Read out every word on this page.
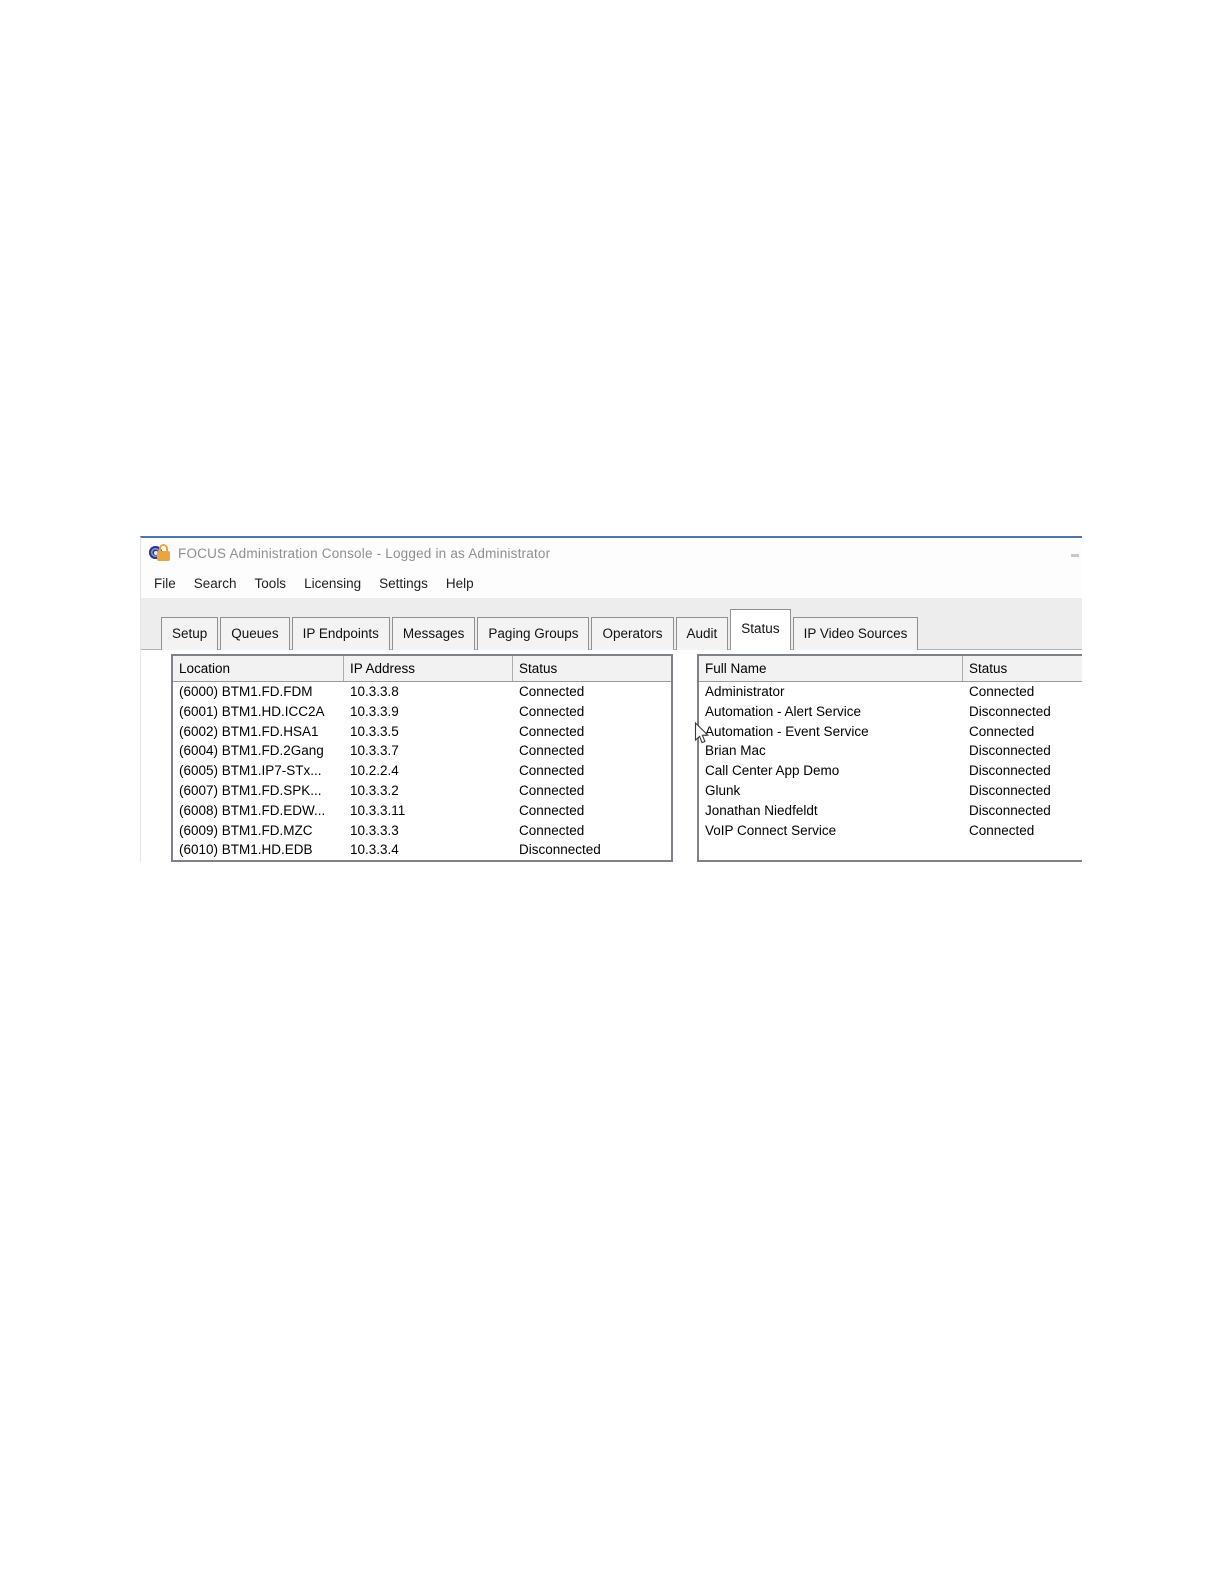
FOCUS Administration Console - Logged in as Administrator
File	Search	Tools	Licensing	Settings	Help
Setup	Queues	IP Endpoints	Messages	Paging Groups	Operators	Audit	Status	IP Video Sources
Location	IP Address	Status
(6000) BTM1.FD.FDM	10.3.3.8	Connected
(6001) BTM1.HD.ICC2A	10.3.3.9	Connected
(6002) BTM1.FD.HSA1	10.3.3.5	Connected
(6004) BTM1.FD.2Gang	10.3.3.7	Connected
(6005) BTM1.IP7-STx...	10.2.2.4	Connected
(6007) BTM1.FD.SPK...	10.3.3.2	Connected
(6008) BTM1.FD.EDW...	10.3.3.11	Connected
(6009) BTM1.FD.MZC	10.3.3.3	Connected
(6010) BTM1.HD.EDB	10.3.3.4	Disconnected
Full Name	Status
Administrator	Connected
Automation - Alert Service	Disconnected
Automation - Event Service	Connected
Brian Mac	Disconnected
Call Center App Demo	Disconnected
Glunk	Disconnected
Jonathan Niedfeldt	Disconnected
VoIP Connect Service	Connected
